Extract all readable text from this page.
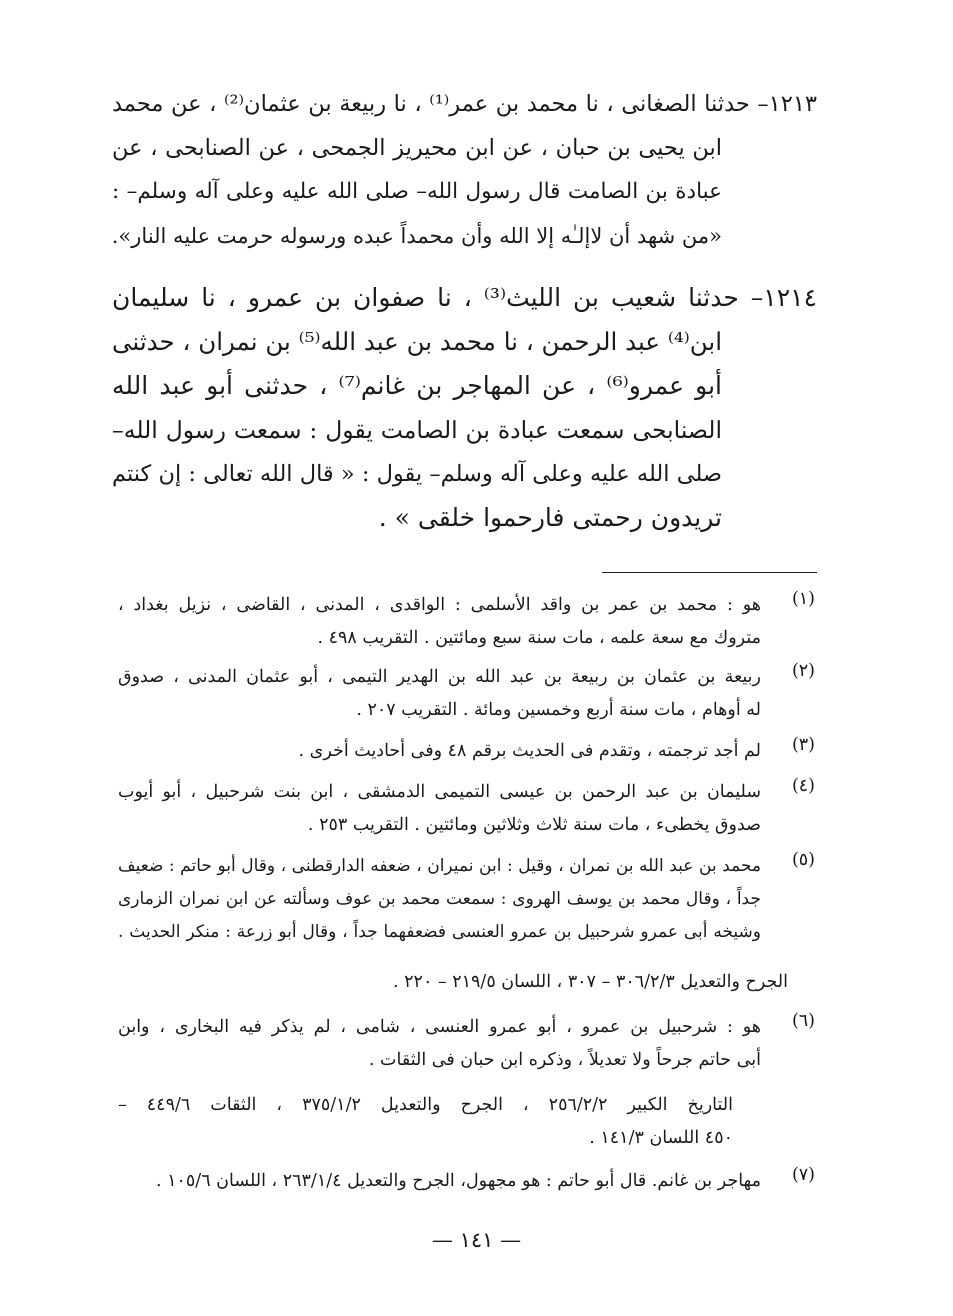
١٢١٣– حدثنا الصغانى ، نا محمد بن عمر⁽¹⁾ ، نا ربيعة بن عثمان⁽²⁾ ، عن محمد
ابن يحيى بن حبان ، عن ابن محيريز الجمحى ، عن الصنابحى ، عن
عبادة بن الصامت قال رسول الله– صلى الله عليه وعلى آله وسلم– :
«من شهد أن لاإلـٰه إلا الله وأن محمداً عبده ورسوله حرمت عليه النار».
١٢١٤– حدثنا شعيب بن الليث⁽³⁾ ، نا صفوان بن عمرو ، نا سليمان
ابن⁽⁴⁾ عبد الرحمن ، نا محمد بن عبد الله⁽⁵⁾ بن نمران ، حدثنى
أبو عمرو⁽⁶⁾ ، عن المهاجر بن غانم⁽⁷⁾ ، حدثنى أبو عبد الله
الصنابحى سمعت عبادة بن الصامت يقول : سمعت رسول الله–
صلى الله عليه وعلى آله وسلم– يقول : « قال الله تعالى : إن كنتم
تريدون رحمتى فارحموا خلقى » .
(١)
هو : محمد بن عمر بن واقد الأسلمى : الواقدى ، المدنى ، القاضى ، نزيل بغداد ،
متروك مع سعة علمه ، مات سنة سبع ومائتين . التقريب ٤٩٨ .
(٢)
ربيعة بن عثمان بن ربيعة بن عبد الله بن الهدير التيمى ، أبو عثمان المدنى ، صدوق
له أوهام ، مات سنة أربع وخمسين ومائة . التقريب ٢٠٧ .
(٣)
لم أجد ترجمته ، وتقدم فى الحديث برقم ٤٨ وفى أحاديث أخرى .
(٤)
سليمان بن عبد الرحمن بن عيسى التميمى الدمشقى ، ابن بنت شرحبيل ، أبو أيوب
صدوق يخطىء ، مات سنة ثلاث وثلاثين ومائتين . التقريب ٢٥٣ .
(٥)
محمد بن عبد الله بن نمران ، وقيل : ابن نميران ، ضعفه الدارقطنى ، وقال أبو حاتم : ضعيف
جداً ، وقال محمد بن يوسف الهروى : سمعت محمد بن عوف وسألته عن ابن نمران الزمارى
وشيخه أبى عمرو شرحبيل بن عمرو العنسى فضعفهما جداً ، وقال أبو زرعة : منكر الحديث .
الجرح والتعديل ٣٠٦/٢/٣ – ٣٠٧ ، اللسان ٢١٩/٥ – ٢٢٠ .
(٦)
هو : شرحبيل بن عمرو ، أبو عمرو العنسى ، شامى ، لم يذكر فيه البخارى ، وابن
أبى حاتم جرحاً ولا تعديلاً ، وذكره ابن حبان فى الثقات .
التاريخ الكبير ٢٥٦/٢/٢ ، الجرح والتعديل ٣٧٥/١/٢ ، الثقات ٤٤٩/٦ –
٤٥٠ اللسان ١٤١/٣ .
(٧)
مهاجر بن غانم. قال أبو حاتم : هو مجهول، الجرح والتعديل ٢٦٣/١/٤ ، اللسان ١٠٥/٦ .
— ١٤١ —
